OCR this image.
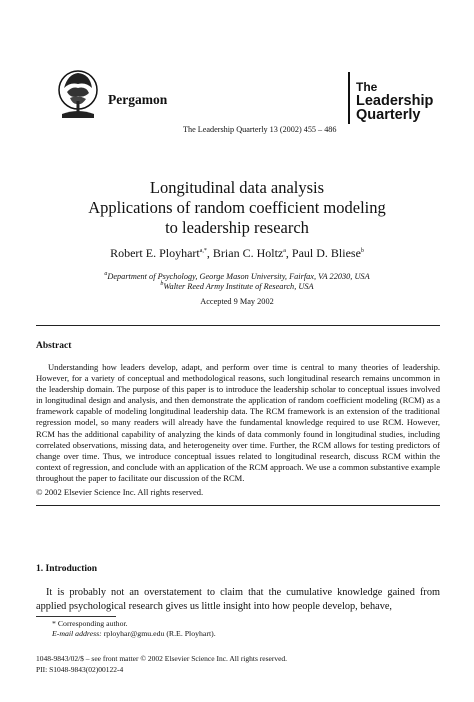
Pergamon
The
Leadership
Quarterly
The Leadership Quarterly 13 (2002) 455 – 486
Longitudinal data analysis
Applications of random coefficient modeling
to leadership research
Robert E. Ployhart$^{a,*}$, Brian C. Holtz$^a$, Paul D. Bliese$^b$
$^a$Department of Psychology, George Mason University, Fairfax, VA 22030, USA
$^b$Walter Reed Army Institute of Research, USA
Accepted 9 May 2002
Abstract

Understanding how leaders develop, adapt, and perform over time is central to many theories of leadership. However, for a variety of conceptual and methodological reasons, such longitudinal research remains uncommon in the leadership domain. The purpose of this paper is to introduce the leadership scholar to conceptual issues involved in longitudinal design and analysis, and then demonstrate the application of random coefficient modeling (RCM) as a framework capable of modeling longitudinal leadership data. The RCM framework is an extension of the traditional regression model, so many readers will already have the fundamental knowledge required to use RCM. However, RCM has the additional capability of analyzing the kinds of data commonly found in longitudinal studies, including correlated observations, missing data, and heterogeneity over time. Further, the RCM allows for testing predictors of change over time. Thus, we introduce conceptual issues related to longitudinal research, discuss RCM within the context of regression, and conclude with an application of the RCM approach. We use a common substantive example throughout the paper to facilitate our discussion of the RCM.

© 2002 Elsevier Science Inc. All rights reserved.
1. Introduction

It is probably not an overstatement to claim that the cumulative knowledge gained from applied psychological research gives us little insight into how people develop, behave,

* Corresponding author.
E-mail address: rployhar@gmu.edu (R.E. Ployhart).
1048-9843/02/$ – see front matter © 2002 Elsevier Science Inc. All rights reserved.
PII: S1048-9843(02)00122-4
